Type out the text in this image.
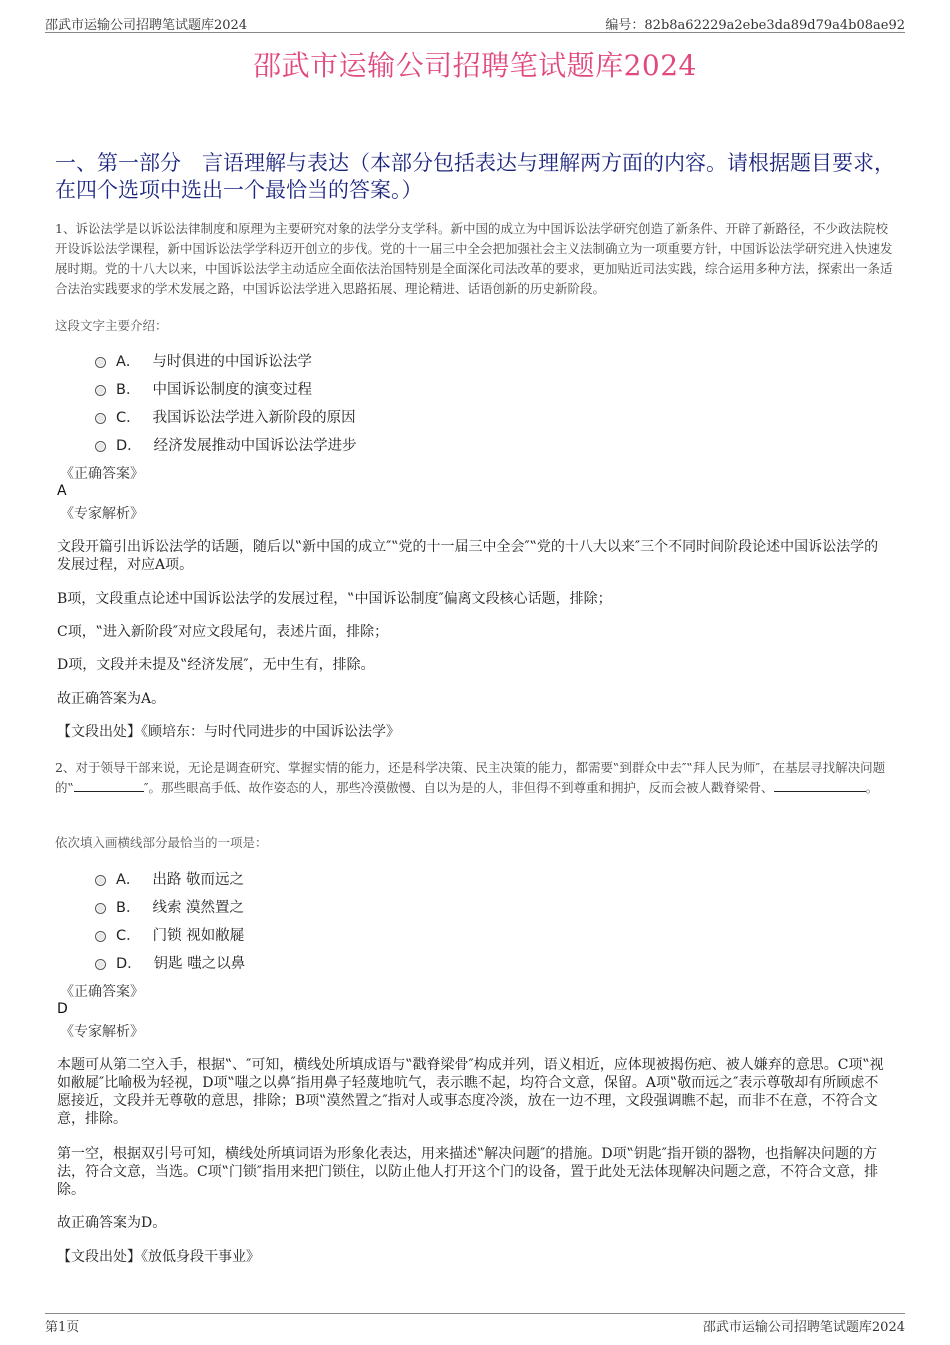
邵武市运输公司招聘笔试题库2024	编号：82b8a62229a2ebe3da89d79a4b08ae92
邵武市运输公司招聘笔试题库2024
一、第一部分　言语理解与表达（本部分包括表达与理解两方面的内容。请根据题目要求，在四个选项中选出一个最恰当的答案。）
1、诉讼法学是以诉讼法律制度和原理为主要研究对象的法学分支学科。新中国的成立为中国诉讼法学研究创造了新条件、开辟了新路径，不少政法院校开设诉讼法学课程，新中国诉讼法学学科迈开创立的步伐。党的十一届三中全会把加强社会主义法制确立为一项重要方针，中国诉讼法学研究进入快速发展时期。党的十八大以来，中国诉讼法学主动适应全面依法治国特别是全面深化司法改革的要求，更加贴近司法实践，综合运用多种方法，探索出一条适合法治实践要求的学术发展之路，中国诉讼法学进入思路拓展、理论精进、话语创新的历史新阶段。
这段文字主要介绍：
A． 与时俱进的中国诉讼法学
B． 中国诉讼制度的演变过程
C． 我国诉讼法学进入新阶段的原因
D． 经济发展推动中国诉讼法学进步
《正确答案》
A
《专家解析》
文段开篇引出诉讼法学的话题，随后以‟新中国的成立″‟党的十一届三中全会″‟党的十八大以来″三个不同时间阶段论述中国诉讼法学的发展过程，对应A项。
B项，文段重点论述中国诉讼法学的发展过程，‟中国诉讼制度″偏离文段核心话题，排除；
C项，‟进入新阶段″对应文段尾句，表述片面，排除；
D项，文段并未提及‟经济发展″，无中生有，排除。
故正确答案为A。
【文段出处】《顾培东：与时代同进步的中国诉讼法学》
2、对于领导干部来说，无论是调查研究、掌握实情的能力，还是科学决策、民主决策的能力，都需要‟到群众中去″‟拜人民为师″，在基层寻找解决问题的‟	″。那些眼高手低、故作姿态的人，那些冷漠傲慢、自以为是的人，非但得不到尊重和拥护，反而会被人戳脊梁骨、	。
依次填入画横线部分最恰当的一项是：
A． 出路 敬而远之
B． 线索 漠然置之
C． 门锁 视如敝屣
D． 钥匙 嗤之以鼻
《正确答案》
D
《专家解析》
本题可从第二空入手，根据‟、″可知，横线处所填成语与‟戳脊梁骨″构成并列，语义相近，应体现被揭伤疤、被人嫌弃的意思。C项‟视如敝屣″比喻极为轻视，D项‟嗤之以鼻″指用鼻子轻蔑地吭气，表示瞧不起，均符合文意，保留。A项‟敬而远之″表示尊敬却有所顾虑不愿接近，文段并无尊敬的意思，排除；B项‟漠然置之″指对人或事态度冷淡，放在一边不理，文段强调瞧不起，而非不在意，不符合文意，排除。
第一空，根据双引号可知，横线处所填词语为形象化表达，用来描述‟解决问题″的措施。D项‟钥匙″指开锁的器物，也指解决问题的方法，符合文意，当选。C项‟门锁″指用来把门锁住，以防止他人打开这个门的设备，置于此处无法体现解决问题之意，不符合文意，排除。
故正确答案为D。
【文段出处】《放低身段干事业》
第1页	邵武市运输公司招聘笔试题库2024
